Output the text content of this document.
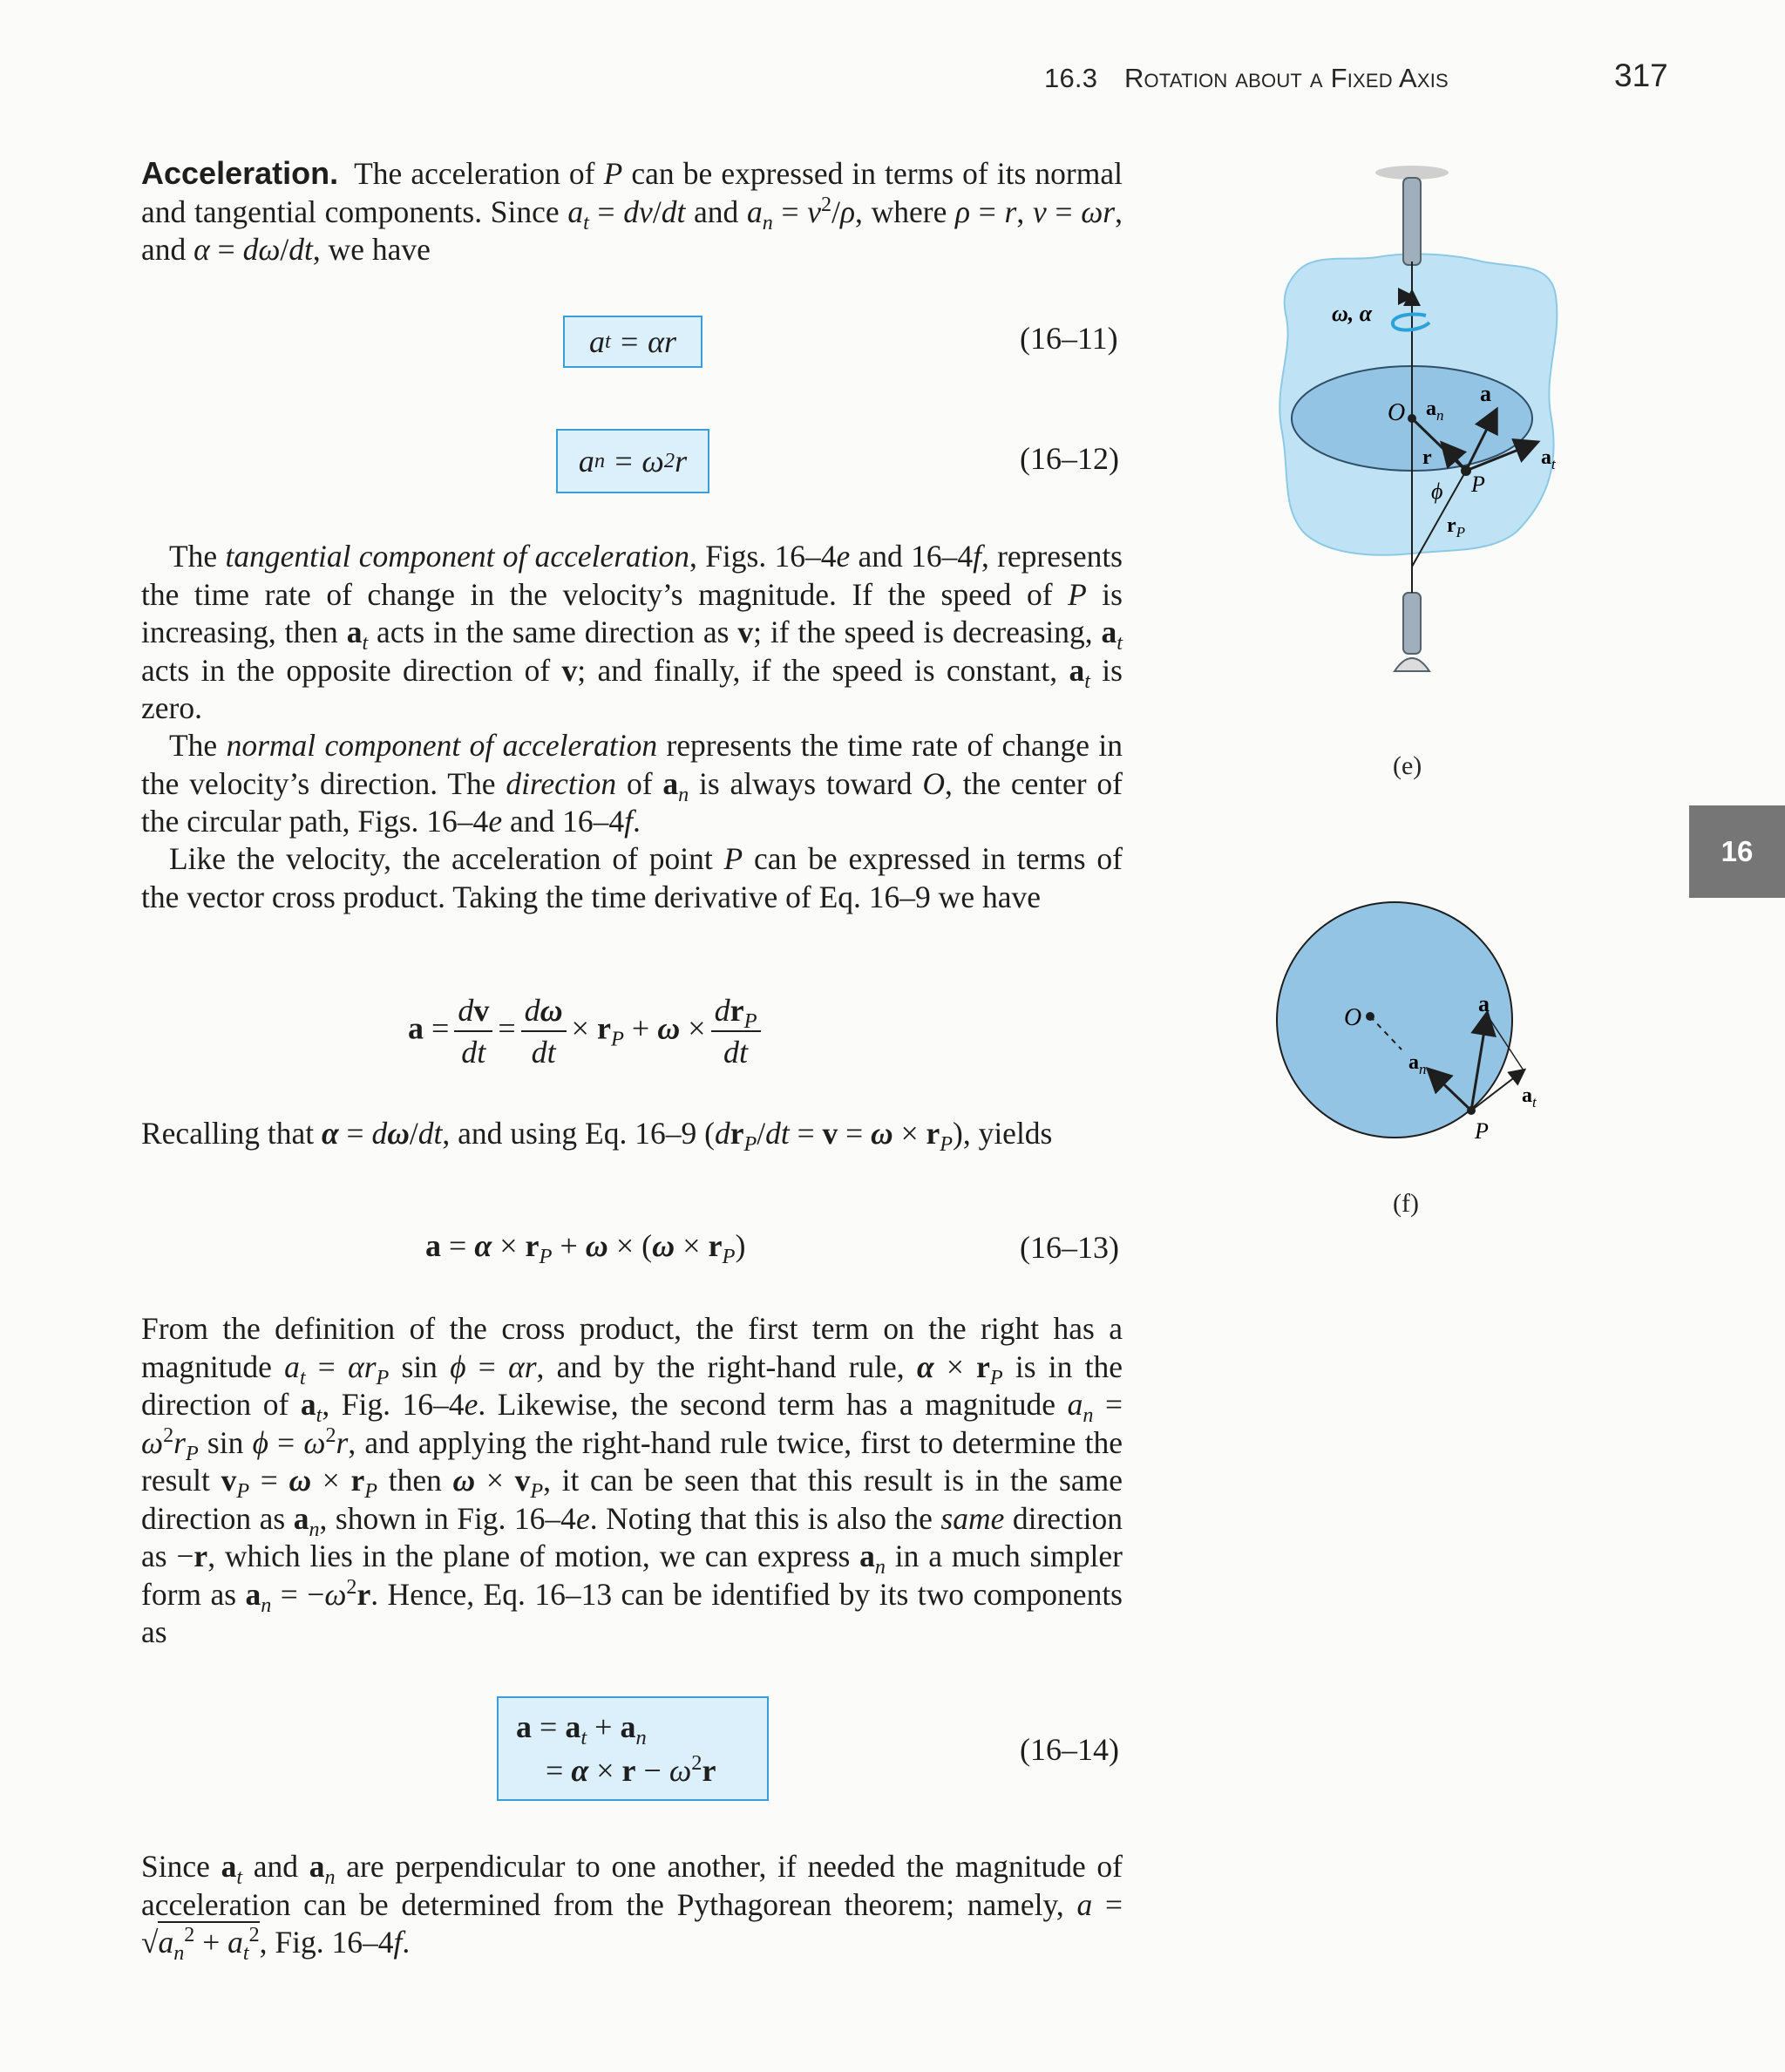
16.3 Rotation about a Fixed Axis	317
16

Acceleration. The acceleration of P can be expressed in terms of its normal and tangential components. Since $a_t = dv/dt$ and $a_n = v^2/\rho$, where ρ = r, v = ωr, and α = dω/dt, we have

a t = αr	(16–11)
a n = ω 2 r	(16–12)

The tangential component of acceleration, Figs. 16–4e and 16–4f, represents the time rate of change in the velocity’s magnitude. If the speed of P is increasing, then $a_t$ acts in the same direction as v; if the speed is decreasing, $a_t$ acts in the opposite direction of v; and finally, if the speed is constant, $a_t$ is zero.

The normal component of acceleration represents the time rate of change in the velocity’s direction. The direction of $a_n$ is always toward O, the center of the circular path, Figs. 16–4e and 16–4f.

Like the velocity, the acceleration of point P can be expressed in terms of the vector cross product. Taking the time derivative of Eq. 16–9 we have

$a = \frac{dv}{dt} = \frac{d\omega}{dt} \times r_P + \omega \times \frac{dr_P}{dt}$

Recalling that α = dω/dt, and using Eq. 16–9 $(dr_P/dt = v = \omega \times r_P)$, yields

$a = \alpha \times r_P + \omega \times (\omega \times r_P)$	(16–13)

From the definition of the cross product, the first term on the right has a magnitude $a_t = \alpha r_P$ sin ϕ = αr, and by the right-hand rule, $\alpha \times r_P$ is in the direction of $a_t$, Fig. 16–4e. Likewise, the second term has a magnitude $a_n = \omega^2r_P$ $\sin \phi = \omega^2r$, and applying the right-hand rule twice, first to determine the result $v_P = \omega \times r_P$ then $\omega \times v_P$, it can be seen that this result is in the same direction as $a_n$, shown in Fig. 16–4e. Noting that this is also the same direction as −r, which lies in the plane of motion, we can express $a_n$ in a much simpler form as $a_n = -\omega^2r$. Hence, Eq. 16–13 can be identified by its two components as

$a = a_t + a_n$
= $\alpha \times r - \omega^2r$
(16–14)

Since $a_t$ and $a_n$ are perpendicular to one another, if needed the magnitude of acceleration can be determined from the Pythagorean theorem; namely, $a = √a_n^2 + a_t^2$, Fig. 16–4f.

ω, α
O $a_n$
a
r	$a_t$
ϕ P
$r_P$
(e)
O
a
$a_n$
$a_t$
P
(f)
